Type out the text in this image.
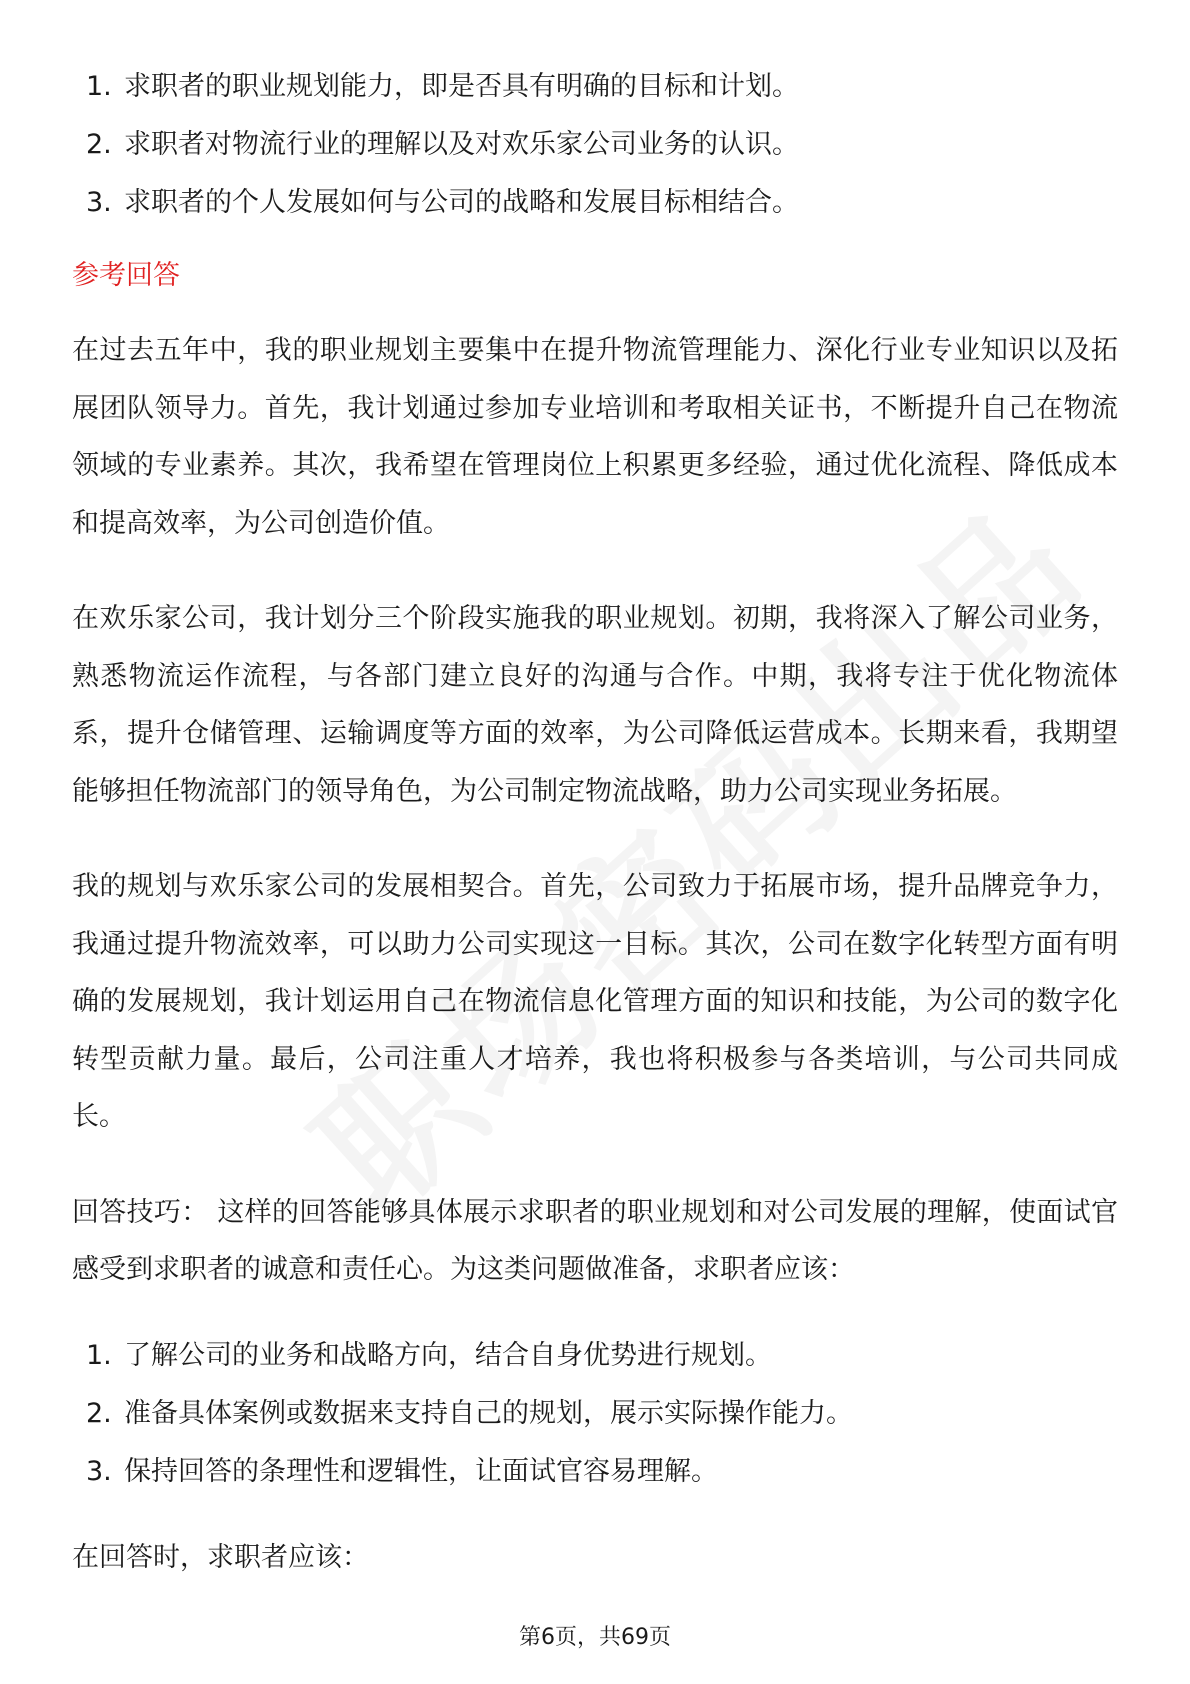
1. 求职者的职业规划能力，即是否具有明确的目标和计划。
2. 求职者对物流行业的理解以及对欢乐家公司业务的认识。
3. 求职者的个人发展如何与公司的战略和发展目标相结合。
参考回答

在过去五年中，我的职业规划主要集中在提升物流管理能力、深化行业专业知识以及拓展团队领导力。首先，我计划通过参加专业培训和考取相关证书，不断提升自己在物流领域的专业素养。其次，我希望在管理岗位上积累更多经验，通过优化流程、降低成本和提高效率，为公司创造价值。

在欢乐家公司，我计划分三个阶段实施我的职业规划。初期，我将深入了解公司业务，熟悉物流运作流程，与各部门建立良好的沟通与合作。中期，我将专注于优化物流体系，提升仓储管理、运输调度等方面的效率，为公司降低运营成本。长期来看，我期望能够担任物流部门的领导角色，为公司制定物流战略，助力公司实现业务拓展。

我的规划与欢乐家公司的发展相契合。首先，公司致力于拓展市场，提升品牌竞争力，我通过提升物流效率，可以助力公司实现这一目标。其次，公司在数字化转型方面有明确的发展规划，我计划运用自己在物流信息化管理方面的知识和技能，为公司的数字化转型贡献力量。最后，公司注重人才培养，我也将积极参与各类培训，与公司共同成长。

回答技巧： 这样的回答能够具体展示求职者的职业规划和对公司发展的理解，使面试官感受到求职者的诚意和责任心。为这类问题做准备，求职者应该：

1. 了解公司的业务和战略方向，结合自身优势进行规划。
2. 准备具体案例或数据来支持自己的规划，展示实际操作能力。
3. 保持回答的条理性和逻辑性，让面试官容易理解。

在回答时，求职者应该：

第6页，共69页
